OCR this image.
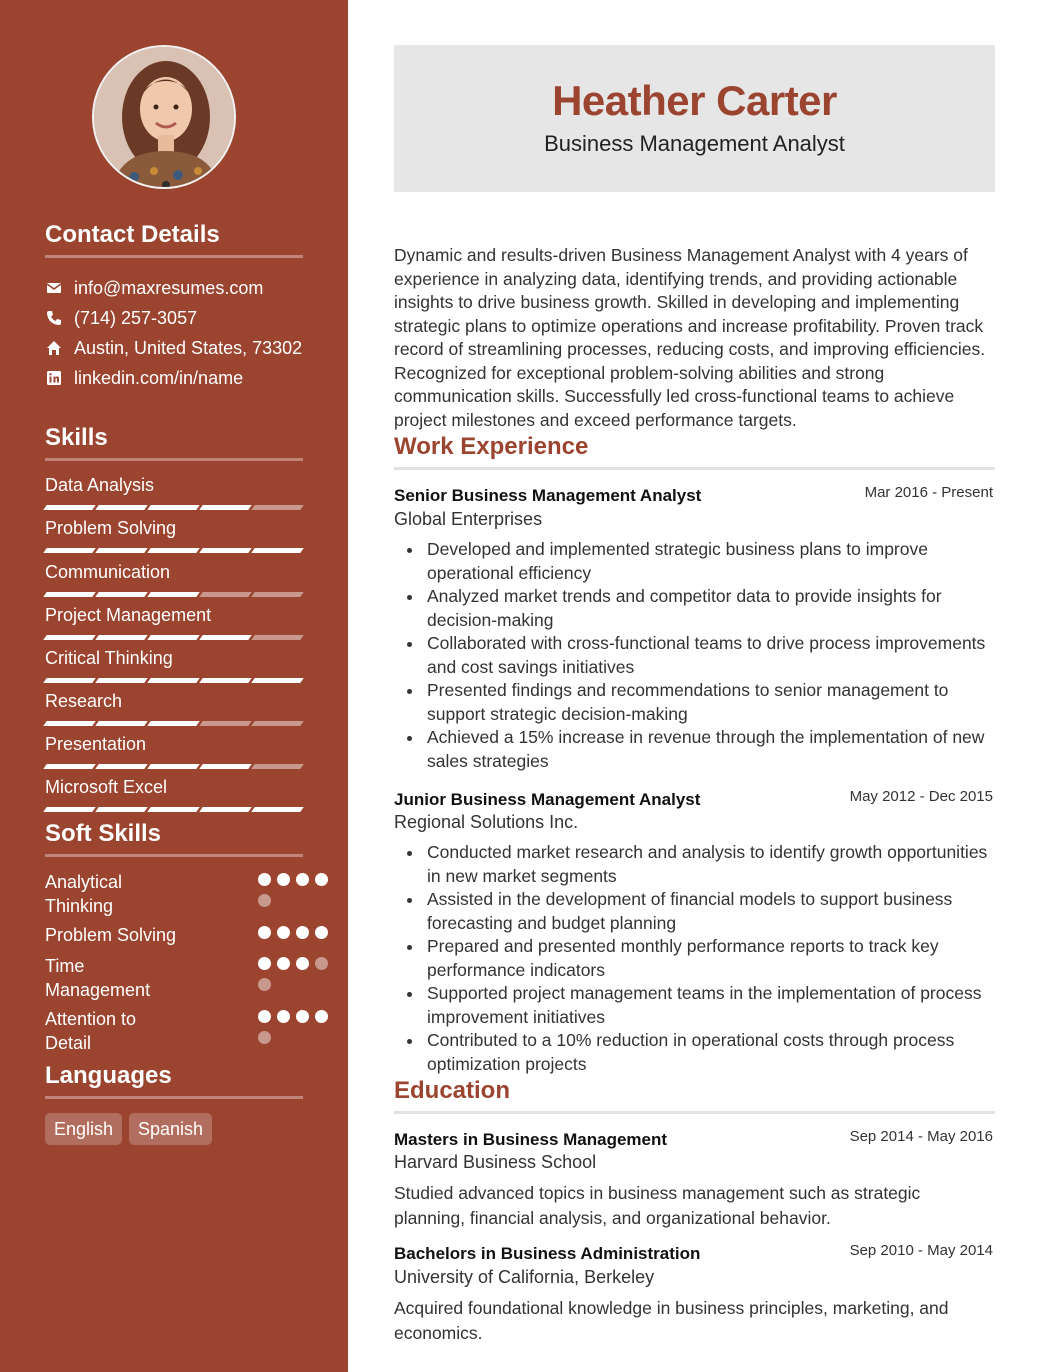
Contact Details
info@maxresumes.com
(714) 257-3057
Austin, United States, 73302
linkedin.com/in/name
Skills
Data Analysis
Problem Solving
Communication
Project Management
Critical Thinking
Research
Presentation
Microsoft Excel
Soft Skills
Analytical Thinking
Problem Solving
Time Management
Attention to Detail
Languages
English	Spanish
Heather Carter
Business Management Analyst
Dynamic and results-driven Business Management Analyst with 4 years of experience in analyzing data, identifying trends, and providing actionable insights to drive business growth. Skilled in developing and implementing strategic plans to optimize operations and increase profitability. Proven track record of streamlining processes, reducing costs, and improving efficiencies. Recognized for exceptional problem-solving abilities and strong communication skills. Successfully led cross-functional teams to achieve project milestones and exceed performance targets.
Work Experience
Senior Business Management Analyst	Mar 2016 - Present
Global Enterprises
Developed and implemented strategic business plans to improve operational efficiency
Analyzed market trends and competitor data to provide insights for decision-making
Collaborated with cross-functional teams to drive process improvements and cost savings initiatives
Presented findings and recommendations to senior management to support strategic decision-making
Achieved a 15% increase in revenue through the implementation of new sales strategies
Junior Business Management Analyst	May 2012 - Dec 2015
Regional Solutions Inc.
Conducted market research and analysis to identify growth opportunities in new market segments
Assisted in the development of financial models to support business forecasting and budget planning
Prepared and presented monthly performance reports to track key performance indicators
Supported project management teams in the implementation of process improvement initiatives
Contributed to a 10% reduction in operational costs through process optimization projects
Education
Masters in Business Management	Sep 2014 - May 2016
Harvard Business School
Studied advanced topics in business management such as strategic planning, financial analysis, and organizational behavior.
Bachelors in Business Administration	Sep 2010 - May 2014
University of California, Berkeley
Acquired foundational knowledge in business principles, marketing, and economics.
